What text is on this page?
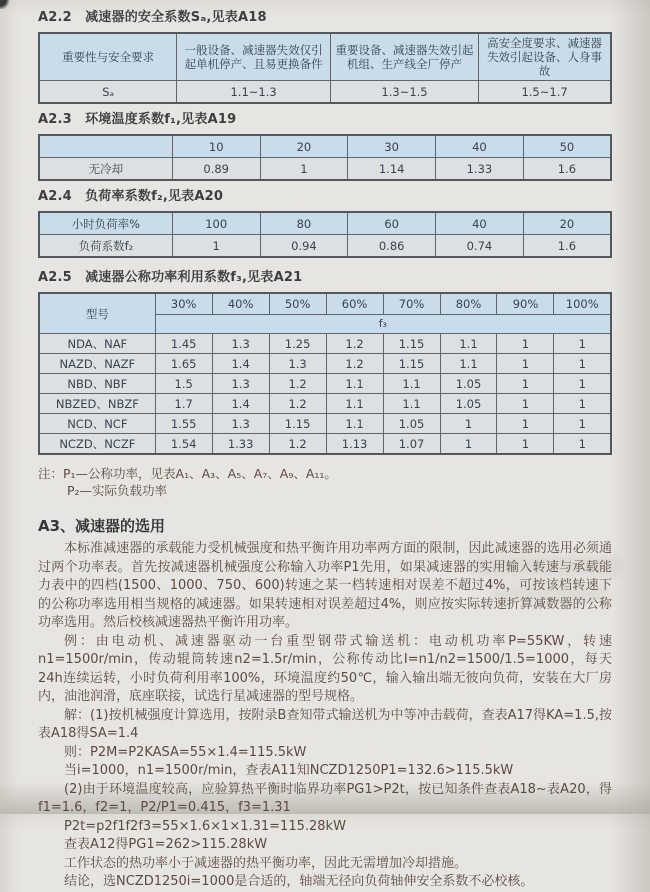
A2.2　减速器的安全系数Sₐ,见表A18
重要性与安全要求	一般设备、减速器失效仅引起单机停产、且易更换备件	重要设备、减速器失效引起机组、生产线全厂停产	高安全度要求、减速器失效引起设备、人身事故
Sₐ	1.1~1.3	1.3~1.5	1.5~1.7
A2.3　环境温度系数f₁,见表A19
	10	20	30	40	50
无冷却	0.89	1	1.14	1.33	1.6
A2.4　负荷率系数f₂,见表A20
小时负荷率%	100	80	60	40	20
负荷系数f₂	1	0.94	0.86	0.74	1.6
A2.5　减速器公称功率利用系数f₃,见表A21
型号	30%	40%	50%	60%	70%	80%	90%	100%
	f₃							
NDA、NAF	1.45	1.3	1.25	1.2	1.15	1.1	1	1
NAZD、NAZF	1.65	1.4	1.3	1.2	1.15	1.1	1	1
NBD、NBF	1.5	1.3	1.2	1.1	1.1	1.05	1	1
NBZED、NBZF	1.7	1.4	1.2	1.1	1.1	1.05	1	1
NCD、NCF	1.55	1.3	1.15	1.1	1.05	1	1	1
NCZD、NCZF	1.54	1.33	1.2	1.13	1.07	1	1	1
注：P₁—公称功率，见表A₁、A₃、A₅、A₇、A₉、A₁₁。
P₂—实际负载功率
A3、减速器的选用

本标准减速器的承载能力受机械强度和热平衡许用功率两方面的限制，因此减速器的选用必须通过两个功率表。首先按减速器机械强度公称输入功率P1先用，如果减速器的实用输入转速与承载能力表中的四档(1500、1000、750、600)转速之某一档转速相对误差不超过4%，可按该档转速下的公称功率选用相当规格的减速器。如果转速相对误差超过4%，则应按实际转速折算减数器的公称功率选用。然后校核减速器热平衡许用功率。

例：由电动机、减速器驱动一台重型钢带式输送机：电动机功率P=55KW，转速n1=1500r/min，传动辊筒转速n2=1.5r/min，公称传动比I=n1/n2=1500/1.5=1000，每天24h连续运转，小时负荷利用率100%，环境温度约50℃，输入输出端无彼向负荷，安装在大厂房内，油池润滑，底座联接，试选行星减速器的型号规格。

解：(1)按机械强度计算选用，按附录B查知带式输送机为中等冲击载荷，查表A17得KA=1.5,按表A18得SA=1.4

则：P2M=P2KASA=55×1.4=115.5kW

当i=1000，n1=1500r/min，查表A11知NCZD1250P1=132.6>115.5kW

(2)由于环境温度较高，应验算热平衡时临界功率PG1>P2t，按已知条件查表A18~表A20，得f1=1.6，f2=1，P2/P1=0.415，f3=1.31

P2t=p2f1f2f3=55×1.6×1×1.31=115.28kW

查表A12得PG1=262>115.28kW

工作状态的热功率小于减速器的热平衡功率，因此无需增加冷却措施。

结论，选NCZD1250i=1000是合适的，轴端无径向负荷轴伸安全系数不必校核。
